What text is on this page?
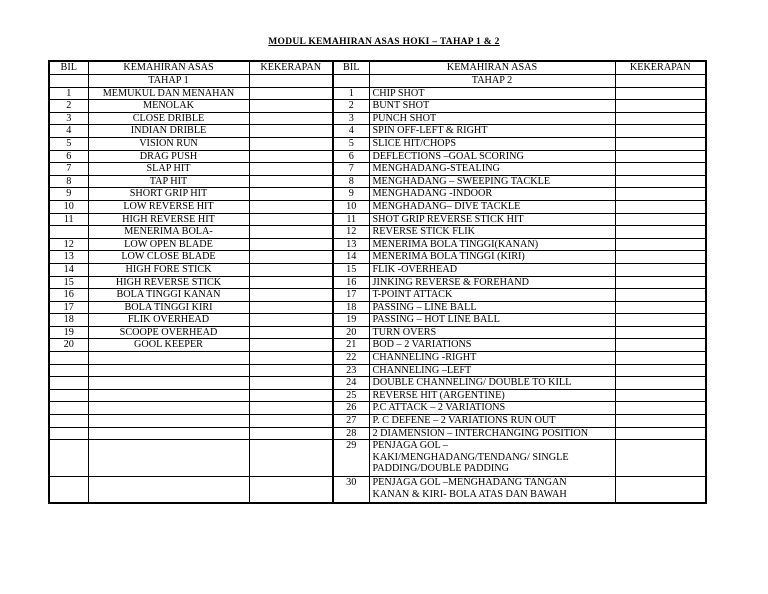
MODUL KEMAHIRAN ASAS HOKI – TAHAP 1 & 2
BIL	KEMAHIRAN ASAS	KEKERAPAN	BIL	KEMAHIRAN ASAS	KEKERAPAN
	TAHAP 1			TAHAP 2	
1	MEMUKUL DAN MENAHAN		1	CHIP SHOT	
2	MENOLAK		2	BUNT SHOT	
3	CLOSE DRIBLE		3	PUNCH SHOT	
4	INDIAN DRIBLE		4	SPIN OFF-LEFT & RIGHT	
5	VISION RUN		5	SLICE HIT/CHOPS	
6	DRAG PUSH		6	DEFLECTIONS –GOAL SCORING	
7	SLAP HIT		7	MENGHADANG-STEALING	
8	TAP HIT		8	MENGHADANG – SWEEPING TACKLE	
9	SHORT GRIP HIT		9	MENGHADANG -INDOOR	
10	LOW REVERSE HIT		10	MENGHADANG– DIVE TACKLE	
11	HIGH REVERSE HIT		11	SHOT GRIP REVERSE STICK HIT	
	MENERIMA BOLA-		12	REVERSE STICK FLIK	
12	LOW OPEN BLADE		13	MENERIMA BOLA TINGGI(KANAN)	
13	LOW CLOSE BLADE		14	MENERIMA BOLA TINGGI (KIRI)	
14	HIGH FORE STICK		15	FLIK -OVERHEAD	
15	HIGH REVERSE STICK		16	JINKING REVERSE & FOREHAND	
16	BOLA TINGGI KANAN		17	T-POINT ATTACK	
17	BOLA TINGGI KIRI		18	PASSING – LINE BALL	
18	FLIK OVERHEAD		19	PASSING – HOT LINE BALL	
19	SCOOPE OVERHEAD		20	TURN OVERS	
20	GOOL KEEPER		21	BOD – 2 VARIATIONS	
			22	CHANNELING -RIGHT	
			23	CHANNELING –LEFT	
			24	DOUBLE CHANNELING/ DOUBLE TO KILL	
			25	REVERSE HIT (ARGENTINE)	
			26	P.C ATTACK – 2 VARIATIONS	
			27	P. C DEFENE – 2 VARIATIONS RUN OUT	
			28	2 DIAMENSION – INTERCHANGING POSITION	
			29	PENJAGA GOL –
KAKI/MENGHADANG/TENDANG/ SINGLE
PADDING/DOUBLE PADDING	

			30	PENJAGA GOL –MENGHADANG TANGAN
KANAN & KIRI- BOLA ATAS DAN BAWAH	
